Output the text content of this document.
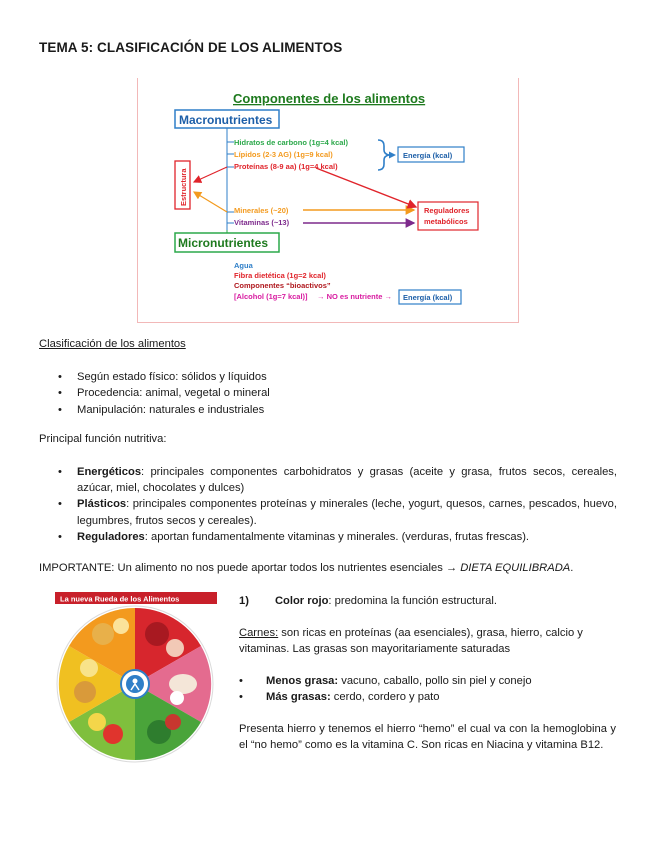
TEMA 5: CLASIFICACIÓN DE LOS ALIMENTOS
Componentes de los alimentos
Macronutrientes
Estructura
Hidratos de carbono (1g=4 kcal)
Lípidos (2-3 AG) (1g=9 kcal)
Proteínas (8-9 aa) (1g=4 kcal)
Energía (kcal)
Minerales (~20)
Vitaminas (~13)
Reguladores
metabólicos
Micronutrientes
Agua
Fibra dietética (1g=2 kcal)
Componentes “bioactivos”
[Alcohol (1g=7 kcal)] → NO es nutriente → Energía (kcal)
Clasificación de los alimentos
• Según estado físico: sólidos y líquidos
• Procedencia: animal, vegetal o mineral
• Manipulación: naturales e industriales
Principal función nutritiva:
• Energéticos: principales componentes carbohidratos y grasas (aceite y grasa, frutos secos, cereales, azúcar, miel, chocolates y dulces)
• Plásticos: principales componentes proteínas y minerales (leche, yogurt, quesos, carnes, pescados, huevo, legumbres, frutos secos y cereales).
• Reguladores: aportan fundamentalmente vitaminas y minerales. (verduras, frutas frescas).
IMPORTANTE: Un alimento no nos puede aportar todos los nutrientes esenciales → DIETA EQUILIBRADA.
La nueva Rueda de los Alimentos	1) Color rojo: predomina la función estructural.
Carnes: son ricas en proteínas (aa esenciales), grasa, hierro, calcio y vitaminas. Las grasas son mayoritariamente saturadas
• Menos grasa: vacuno, caballo, pollo sin piel y conejo
• Más grasas: cerdo, cordero y pato
Presenta hierro y tenemos el hierro “hemo” el cual va con la hemoglobina y el “no hemo” como es la vitamina C. Son ricas en Niacina y vitamina B12.
